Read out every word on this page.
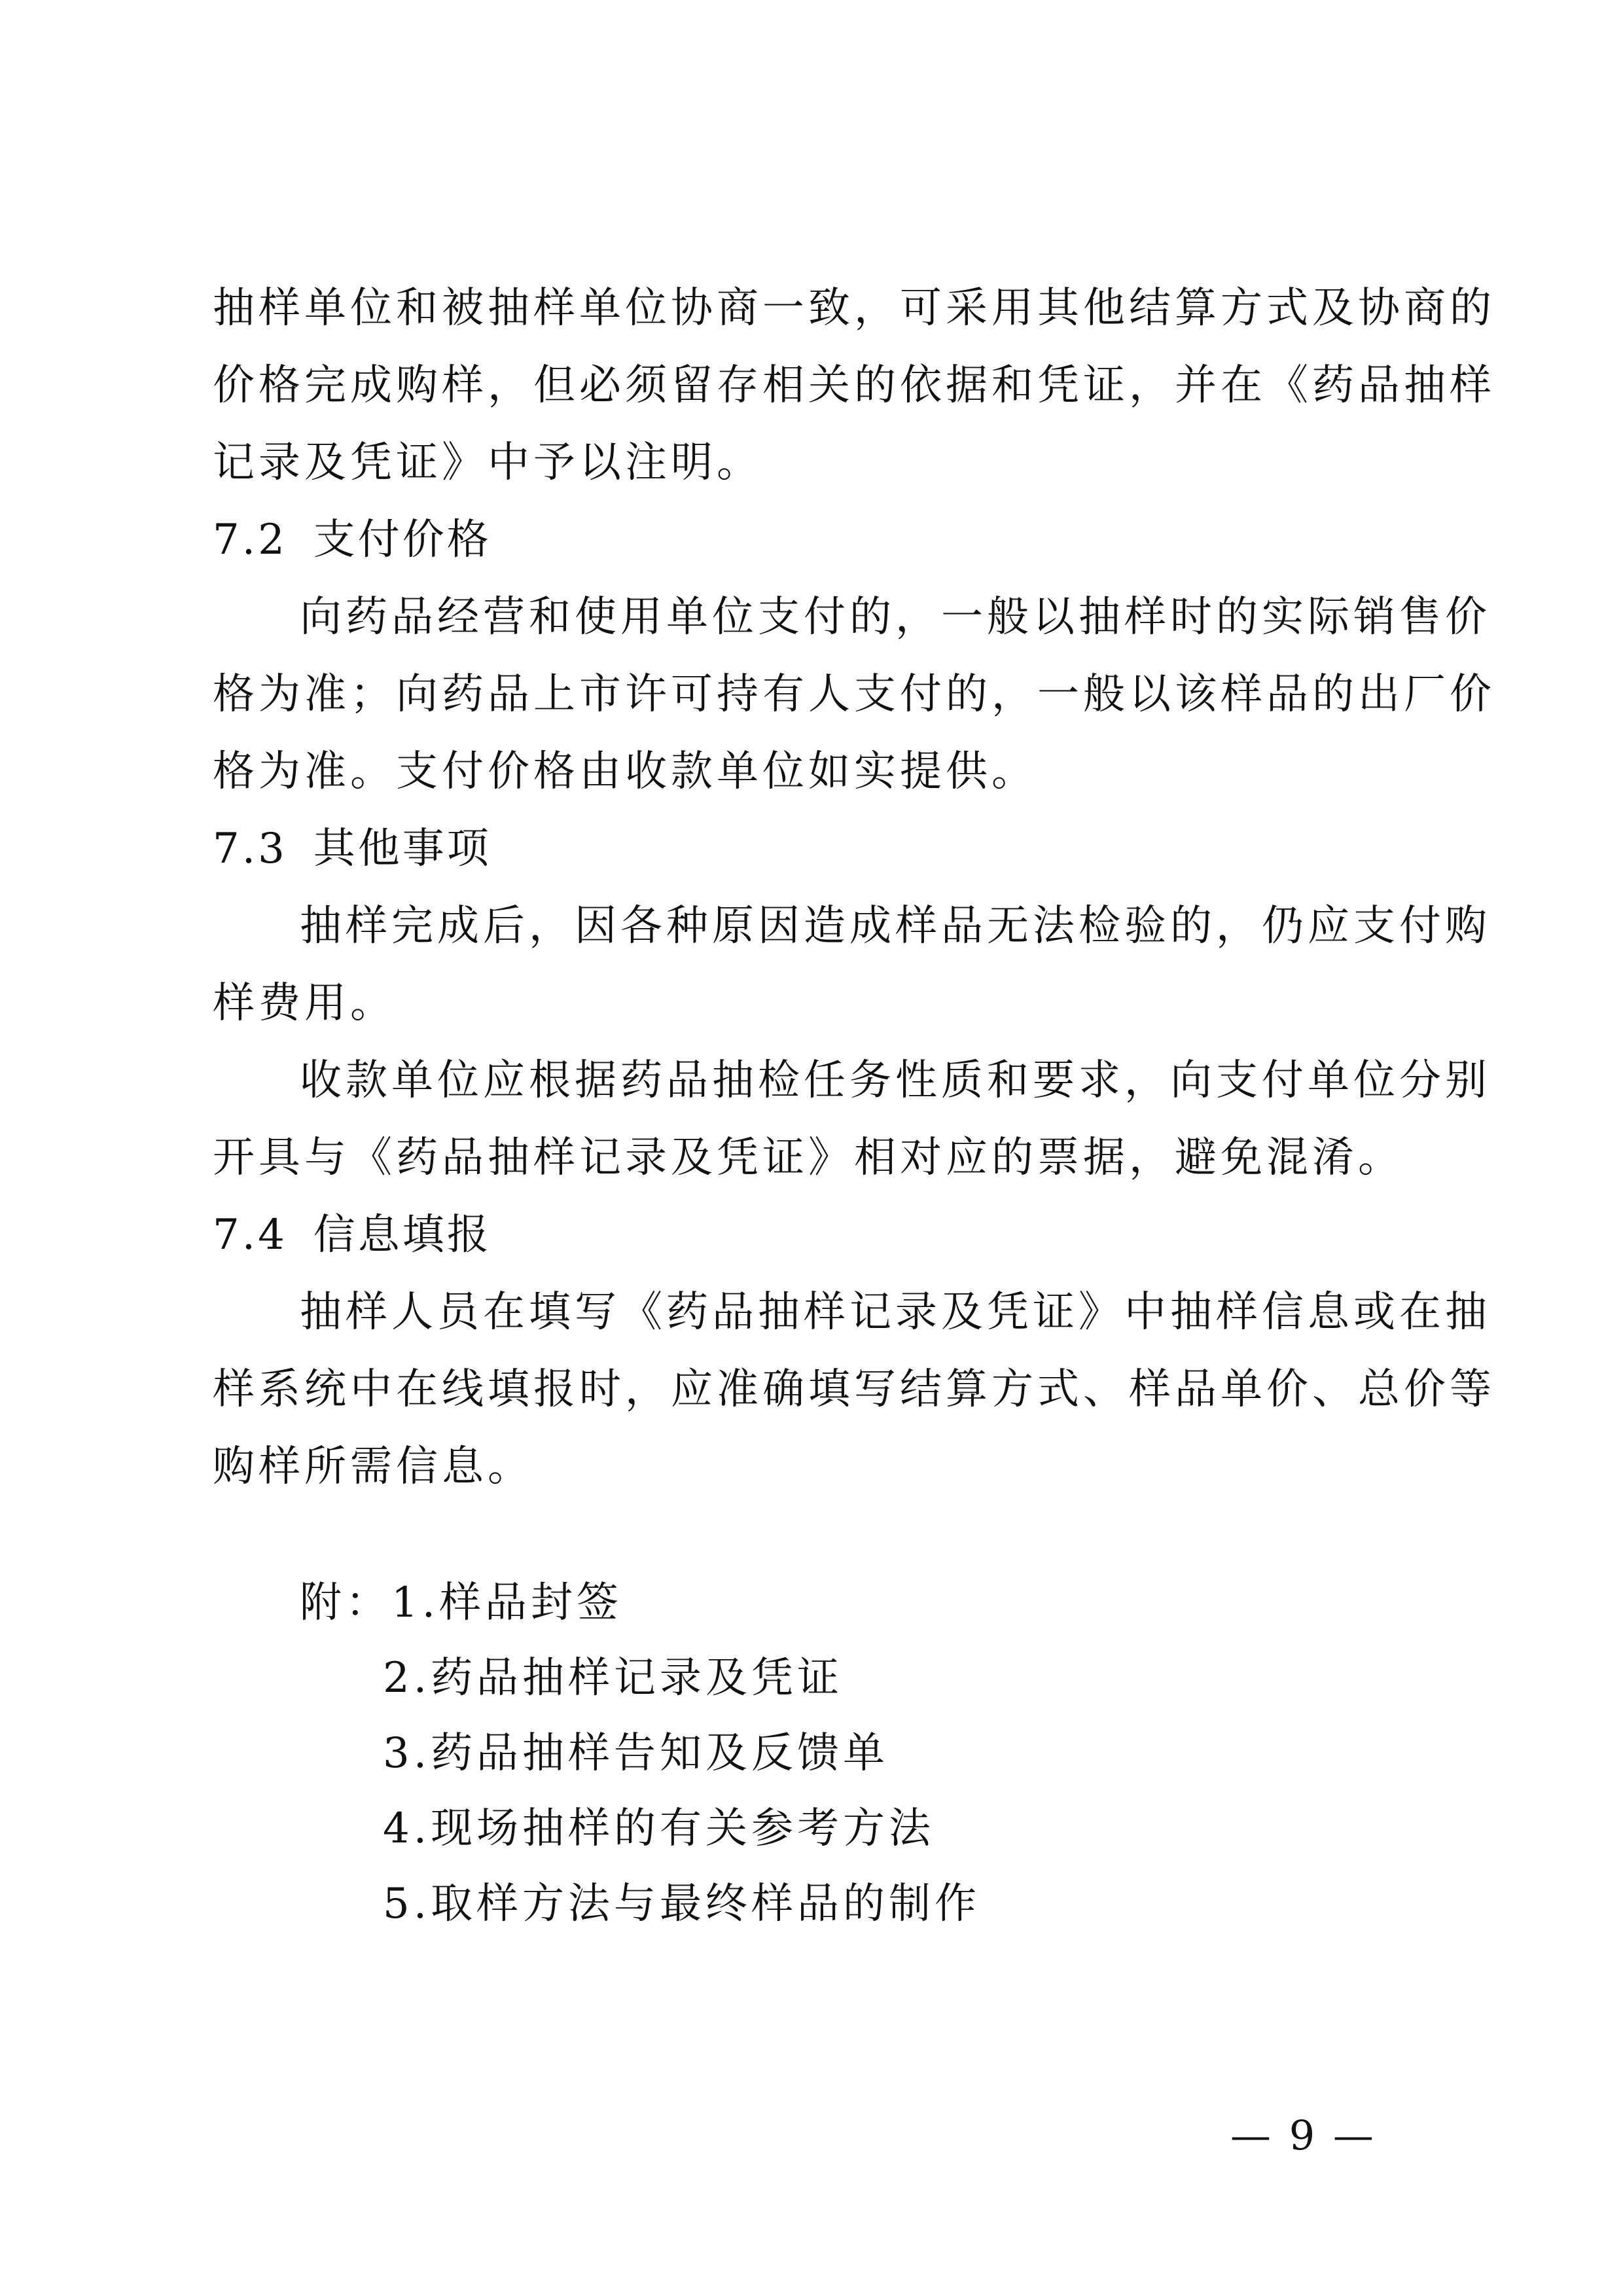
抽样单位和被抽样单位协商一致，可采用其他结算方式及协商的
价格完成购样，但必须留存相关的依据和凭证，并在《药品抽样
记录及凭证》中予以注明。
7.2 支付价格
向药品经营和使用单位支付的，一般以抽样时的实际销售价
格为准；向药品上市许可持有人支付的，一般以该样品的出厂价
格为准。支付价格由收款单位如实提供。
7.3 其他事项
抽样完成后，因各种原因造成样品无法检验的，仍应支付购
样费用。
收款单位应根据药品抽检任务性质和要求，向支付单位分别
开具与《药品抽样记录及凭证》相对应的票据，避免混淆。
7.4 信息填报
抽样人员在填写《药品抽样记录及凭证》中抽样信息或在抽
样系统中在线填报时，应准确填写结算方式、样品单价、总价等
购样所需信息。
附：1.样品封签
2.药品抽样记录及凭证
3.药品抽样告知及反馈单
4.现场抽样的有关参考方法
5.取样方法与最终样品的制作
— 9 —
